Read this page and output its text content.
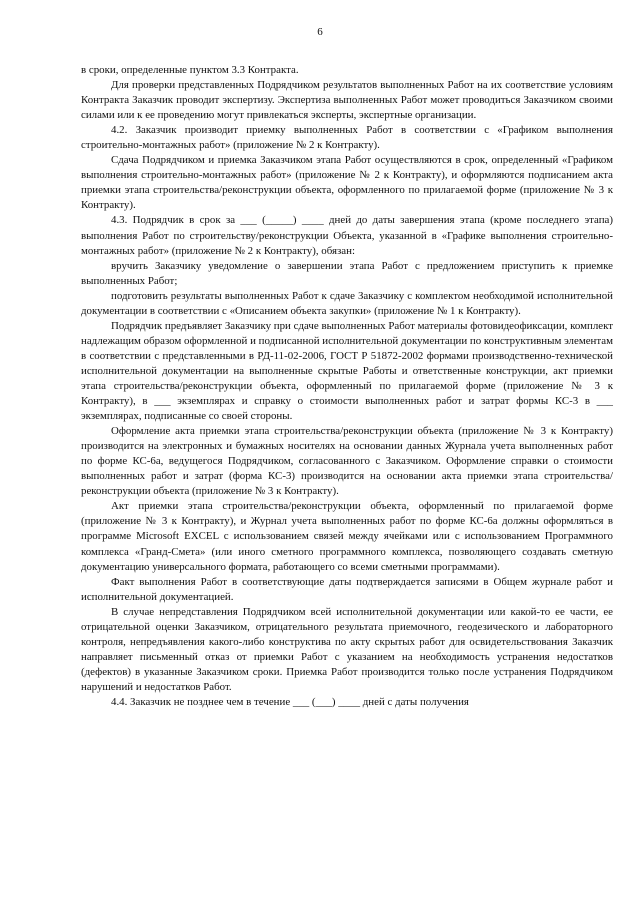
6

в сроки, определенные пунктом 3.3 Контракта.

Для проверки представленных Подрядчиком результатов выполненных Работ на их соответствие условиям Контракта Заказчик проводит экспертизу. Экспертиза выполненных Работ может проводиться Заказчиком своими силами или к ее проведению могут привлекаться эксперты, экспертные организации.

4.2. Заказчик производит приемку выполненных Работ в соответствии с «Графиком выполнения строительно-монтажных работ» (приложение № 2 к Контракту).

Сдача Подрядчиком и приемка Заказчиком этапа Работ осуществляются в срок, определенный «Графиком выполнения строительно-монтажных работ» (приложение № 2 к Контракту), и оформляются подписанием акта приемки этапа строительства/реконструкции объекта, оформленного по прилагаемой форме (приложение № 3 к Контракту).

4.3. Подрядчик в срок за ___ (_____) ____ дней до даты завершения этапа (кроме последнего этапа) выполнения Работ по строительству/реконструкции Объекта, указанной в «Графике выполнения строительно-монтажных работ» (приложение № 2 к Контракту), обязан:

вручить Заказчику уведомление о завершении этапа Работ с предложением приступить к приемке выполненных Работ;

подготовить результаты выполненных Работ к сдаче Заказчику с комплектом необходимой исполнительной документации в соответствии с «Описанием объекта закупки» (приложение № 1 к Контракту).

Подрядчик предъявляет Заказчику при сдаче выполненных Работ материалы фотовидеофиксации, комплект надлежащим образом оформленной и подписанной исполнительной документации по конструктивным элементам в соответствии с представленными в РД-11-02-2006, ГОСТ Р 51872-2002 формами производственно-технической исполнительной документации на выполненные скрытые Работы и ответственные конструкции, акт приемки этапа строительства/реконструкции объекта, оформленный по прилагаемой форме (приложение № 3 к Контракту), в ___ экземплярах и справку о стоимости выполненных работ и затрат формы КС-3 в ___ экземплярах, подписанные со своей стороны.

Оформление акта приемки этапа строительства/реконструкции объекта (приложение № 3 к Контракту) производится на электронных и бумажных носителях на основании данных Журнала учета выполненных работ по форме КС-6а, ведущегося Подрядчиком, согласованного с Заказчиком. Оформление справки о стоимости выполненных работ и затрат (форма КС-3) производится на основании акта приемки этапа строительства/реконструкции объекта (приложение № 3 к Контракту).

Акт приемки этапа строительства/реконструкции объекта, оформленный по прилагаемой форме (приложение № 3 к Контракту), и Журнал учета выполненных работ по форме КС-6а должны оформляться в программе Microsoft EXCEL с использованием связей между ячейками или с использованием Программного комплекса «Гранд-Смета» (или иного сметного программного комплекса, позволяющего создавать сметную документацию универсального формата, работающего со всеми сметными программами).

Факт выполнения Работ в соответствующие даты подтверждается записями в Общем журнале работ и исполнительной документацией.

В случае непредставления Подрядчиком всей исполнительной документации или какой-то ее части, ее отрицательной оценки Заказчиком, отрицательного результата приемочного, геодезического и лабораторного контроля, непредъявления какого-либо конструктива по акту скрытых работ для освидетельствования Заказчик направляет письменный отказ от приемки Работ с указанием на необходимость устранения недостатков (дефектов) в указанные Заказчиком сроки. Приемка Работ производится только после устранения Подрядчиком нарушений и недостатков Работ.

4.4. Заказчик не позднее чем в течение ___ (___) ____ дней с даты получения
